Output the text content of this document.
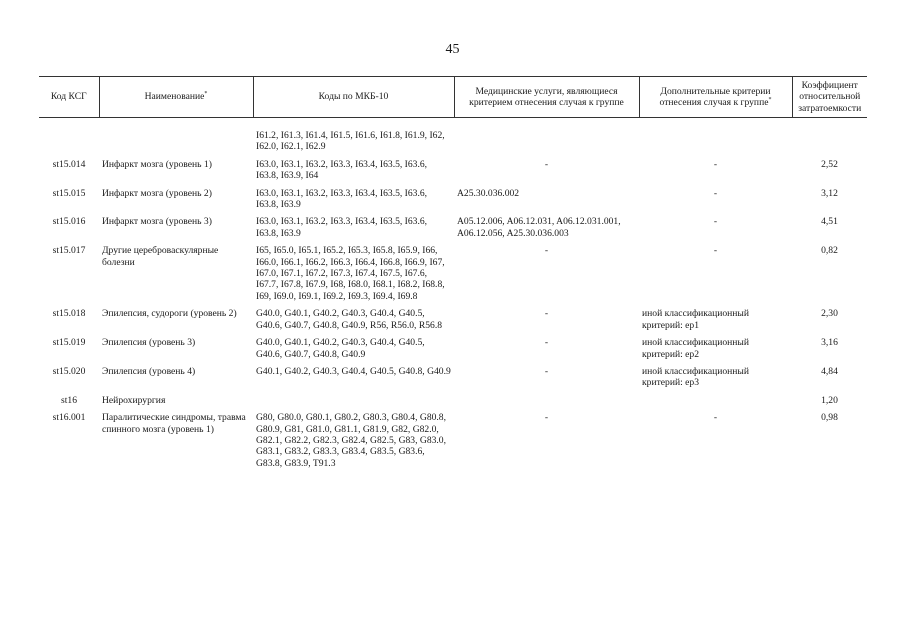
45
Код КСГ	Наименование*	Коды по МКБ-10	Медицинские услуги, являющиеся критерием отнесения случая к группе	Дополнительные критерии отнесения случая к группе*	Коэффициент относительной затратоемкости

		I61.2, I61.3, I61.4, I61.5, I61.6, I61.8, I61.9, I62, I62.0, I62.1, I62.9			
st15.014	Инфаркт мозга (уровень 1)	I63.0, I63.1, I63.2, I63.3, I63.4, I63.5, I63.6, I63.8, I63.9, I64	-	-	2,52
st15.015	Инфаркт мозга (уровень 2)	I63.0, I63.1, I63.2, I63.3, I63.4, I63.5, I63.6, I63.8, I63.9	A25.30.036.002	-	3,12
st15.016	Инфаркт мозга (уровень 3)	I63.0, I63.1, I63.2, I63.3, I63.4, I63.5, I63.6, I63.8, I63.9	A05.12.006, A06.12.031, A06.12.031.001, A06.12.056, A25.30.036.003	-	4,51
st15.017	Другие цереброваскулярные болезни	I65, I65.0, I65.1, I65.2, I65.3, I65.8, I65.9, I66, I66.0, I66.1, I66.2, I66.3, I66.4, I66.8, I66.9, I67, I67.0, I67.1, I67.2, I67.3, I67.4, I67.5, I67.6, I67.7, I67.8, I67.9, I68, I68.0, I68.1, I68.2, I68.8, I69, I69.0, I69.1, I69.2, I69.3, I69.4, I69.8	-	-	0,82
st15.018	Эпилепсия, судороги (уровень 2)	G40.0, G40.1, G40.2, G40.3, G40.4, G40.5, G40.6, G40.7, G40.8, G40.9, R56, R56.0, R56.8	-	иной классификационный критерий: ep1	2,30
st15.019	Эпилепсия (уровень 3)	G40.0, G40.1, G40.2, G40.3, G40.4, G40.5, G40.6, G40.7, G40.8, G40.9	-	иной классификационный критерий: ep2	3,16
st15.020	Эпилепсия (уровень 4)	G40.1, G40.2, G40.3, G40.4, G40.5, G40.8, G40.9	-	иной классификационный критерий: ep3	4,84
st16	Нейрохирургия				1,20
st16.001	Паралитические синдромы, травма спинного мозга (уровень 1)	G80, G80.0, G80.1, G80.2, G80.3, G80.4, G80.8, G80.9, G81, G81.0, G81.1, G81.9, G82, G82.0, G82.1, G82.2, G82.3, G82.4, G82.5, G83, G83.0, G83.1, G83.2, G83.3, G83.4, G83.5, G83.6, G83.8, G83.9, T91.3	-	-	0,98
